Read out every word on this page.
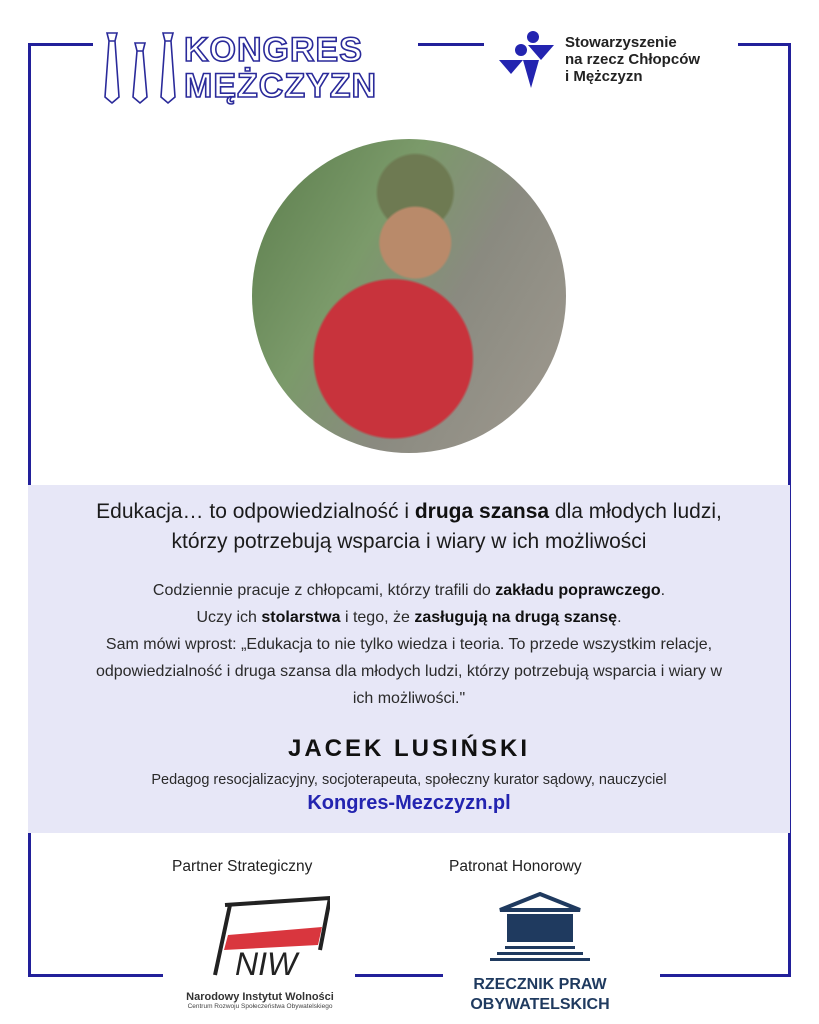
KONGRES
MĘŻCZYZN
Stowarzyszenie
na rzecz Chłopców
i Mężczyzn
Edukacja… to odpowiedzialność i druga szansa dla młodych ludzi, którzy potrzebują wsparcia i wiary w ich możliwości
Codziennie pracuje z chłopcami, którzy trafili do zakładu poprawczego.
Uczy ich stolarstwa i tego, że zasługują na drugą szansę.
Sam mówi wprost: „Edukacja to nie tylko wiedza i teoria. To przede wszystkim relacje, odpowiedzialność i druga szansa dla młodych ludzi, którzy potrzebują wsparcia i wiary w ich możliwości."
JACEK LUSIŃSKI
Pedagog resocjalizacyjny, socjoterapeuta, społeczny kurator sądowy, nauczyciel
Kongres-Mezczyzn.pl
Partner Strategiczny	Patronat Honorowy
NIW
Narodowy Instytut Wolności
Centrum Rozwoju Społeczeństwa Obywatelskiego
RZECZNIK PRAW
OBYWATELSKICH
